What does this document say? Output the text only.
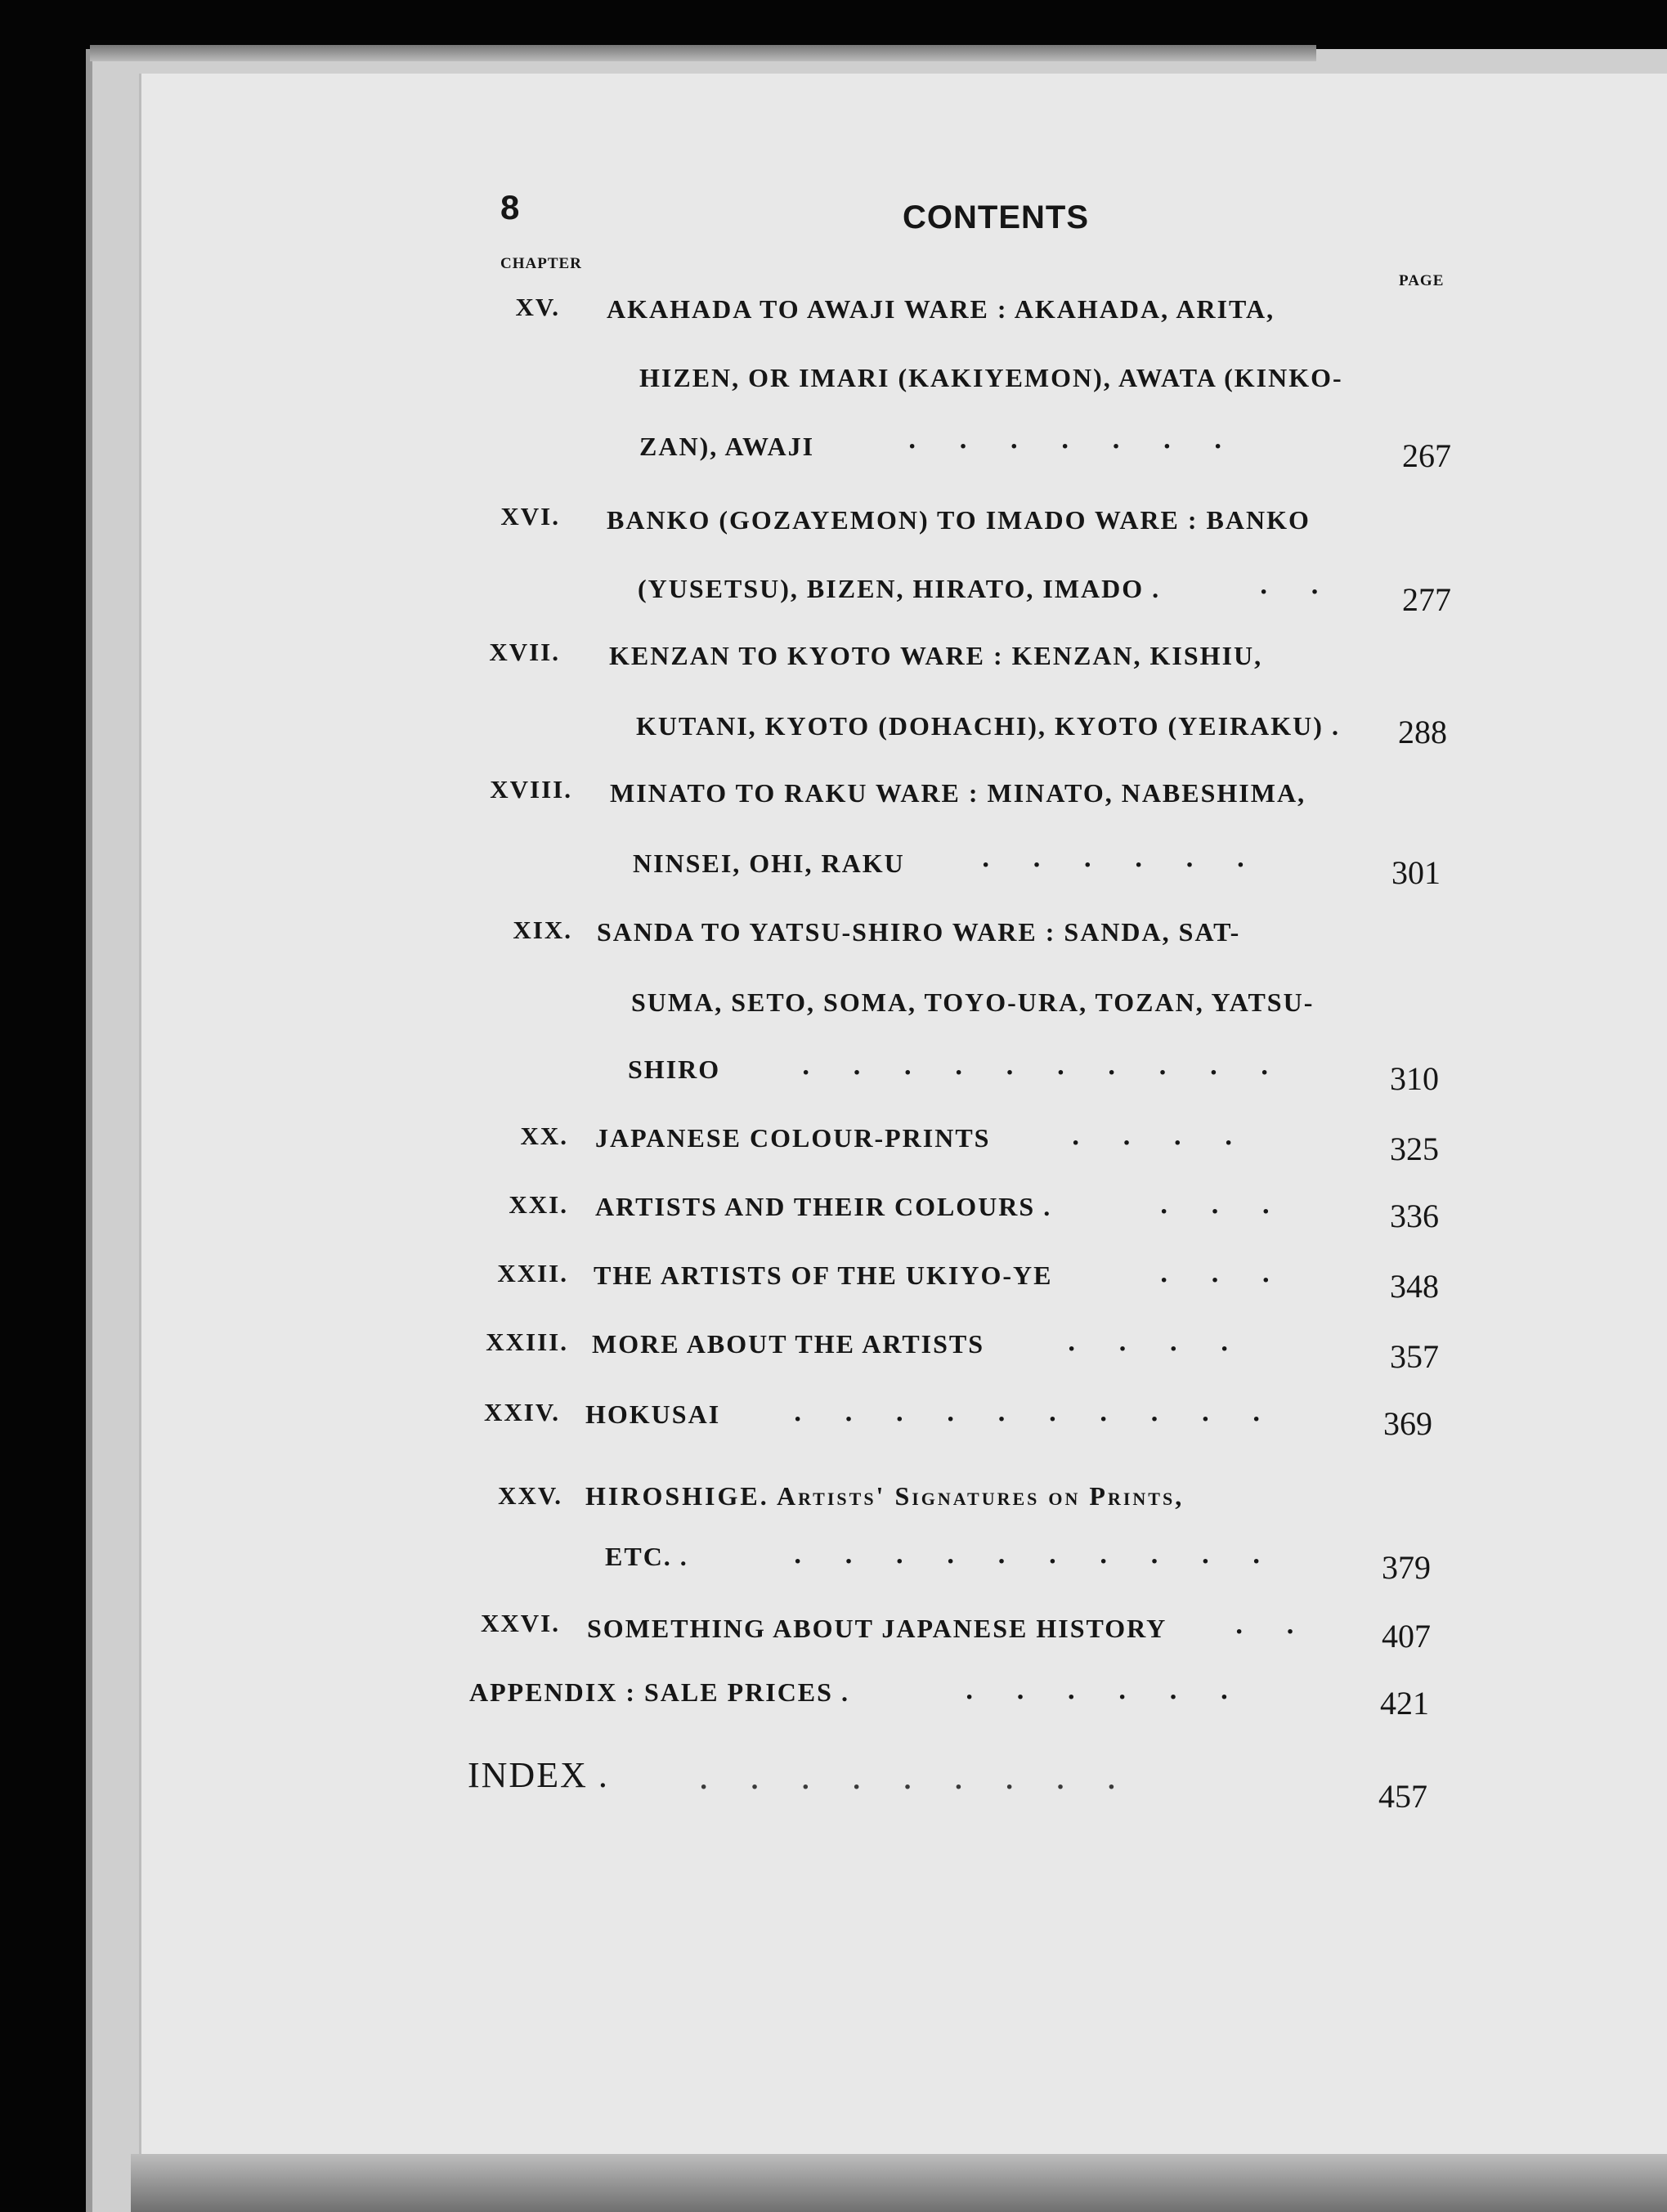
8	CONTENTS
CHAPTER
PAGE
XV. AKAHADA TO AWAJI WARE : AKAHADA, ARITA,
HIZEN, OR IMARI (KAKIYEMON), AWATA (KINKO-
ZAN), AWAJI	·      ·      ·      ·      ·      ·      ·	267
XVI. BANKO (GOZAYEMON) TO IMADO WARE : BANKO
(YUSETSU), BIZEN, HIRATO, IMADO .	·      ·	277
XVII. KENZAN TO KYOTO WARE : KENZAN, KISHIU,
KUTANI, KYOTO (DOHACHI), KYOTO (YEIRAKU) .	288
XVIII. MINATO TO RAKU WARE : MINATO, NABESHIMA,
NINSEI, OHI, RAKU	·      ·      ·      ·      ·      ·	301
XIX. SANDA TO YATSU-SHIRO WARE : SANDA, SAT-
SUMA, SETO, SOMA, TOYO-URA, TOZAN, YATSU-
SHIRO	·      ·      ·      ·      ·      ·      ·      ·      ·      ·	310
XX. JAPANESE COLOUR-PRINTS	·      ·      ·      ·	325
XXI. ARTISTS AND THEIR COLOURS .	·      ·      ·	336
XXII. THE ARTISTS OF THE UKIYO-YE	·      ·      ·	348
XXIII. MORE ABOUT THE ARTISTS	·      ·      ·      ·	357
XXIV. HOKUSAI	·      ·      ·      ·      ·      ·      ·      ·      ·      ·	369
XXV. HIROSHIGE. Artists' Signatures on Prints,
ETC. .	·      ·      ·      ·      ·      ·      ·      ·      ·      ·	379
XXVI. SOMETHING ABOUT JAPANESE HISTORY ·      ·	407
APPENDIX : SALE PRICES .	·      ·      ·      ·      ·      ·	421
INDEX .	·      ·      ·      ·      ·      ·      ·      ·      ·	457
